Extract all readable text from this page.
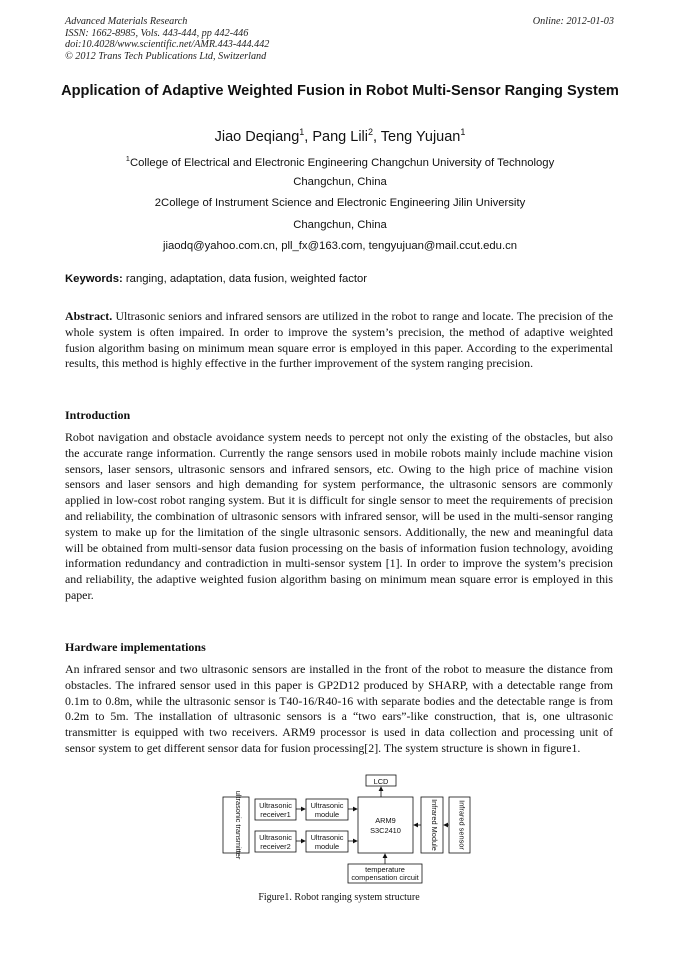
Advanced Materials Research
ISSN: 1662-8985, Vols. 443-444, pp 442-446
doi:10.4028/www.scientific.net/AMR.443-444.442
© 2012 Trans Tech Publications Ltd, Switzerland
Online: 2012-01-03
Application of Adaptive Weighted Fusion in Robot Multi-Sensor Ranging System
Jiao Deqiang$^1$, Pang Lili$^2$, Teng Yujuan$^1$
$^1$College of Electrical and Electronic Engineering Changchun University of Technology
Changchun, China
2College of Instrument Science and Electronic Engineering Jilin University
Changchun, China
jiaodq@yahoo.com.cn, pll_fx@163.com, tengyujuan@mail.ccut.edu.cn
Keywords: ranging, adaptation, data fusion, weighted factor
Abstract. Ultrasonic seniors and infrared sensors are utilized in the robot to range and locate. The precision of the whole system is often impaired. In order to improve the system’s precision, the method of adaptive weighted fusion algorithm basing on minimum mean square error is employed in this paper. According to the experimental results, this method is highly effective in the further improvement of the system ranging precision.
Introduction
Robot navigation and obstacle avoidance system needs to percept not only the existing of the obstacles, but also the accurate range information. Currently the range sensors used in mobile robots mainly include machine vision sensors, laser sensors, ultrasonic sensors and infrared sensors, etc. Owing to the high price of machine vision sensors and laser sensors and high demanding for system performance, the ultrasonic sensors are commonly applied in low-cost robot ranging system. But it is difficult for single sensor to meet the requirements of precision and reliability, the combination of ultrasonic sensors with infrared sensor, will be used in the multi-sensor ranging system to make up for the limitation of the single ultrasonic sensors. Additionally, the new and meaningful data will be obtained from multi-sensor data fusion processing on the basis of information fusion technology, avoiding information redundancy and contradiction in multi-sensor system [1]. In order to improve the system’s precision and reliability, the adaptive weighted fusion algorithm basing on minimum mean square error is employed in this paper.
Hardware implementations
An infrared sensor and two ultrasonic sensors are installed in the front of the robot to measure the distance from obstacles. The infrared sensor used in this paper is GP2D12 produced by SHARP, with a detectable range from 0.1m to 0.8m, while the ultrasonic sensor is T40-16/R40-16 with separate bodies and the detectable range is from 0.2m to 5m. The installation of ultrasonic sensors is a “two ears”-like construction, that is, one ultrasonic transmitter is equipped with two receivers. ARM9 processor is used in data collection and processing unit of sensor system to get different sensor data for fusion processing[2]. The system structure is shown in figure1.
LCD
ultrasonic transmitter Ultrasonic
receiver1
Ultrasonic
receiver2
Ultrasonic
module
Ultrasonic
module
ARM9
S3C2410	Infrared Module	Infrared sensor
temperature
compensation circuit
Figure1. Robot ranging system structure
